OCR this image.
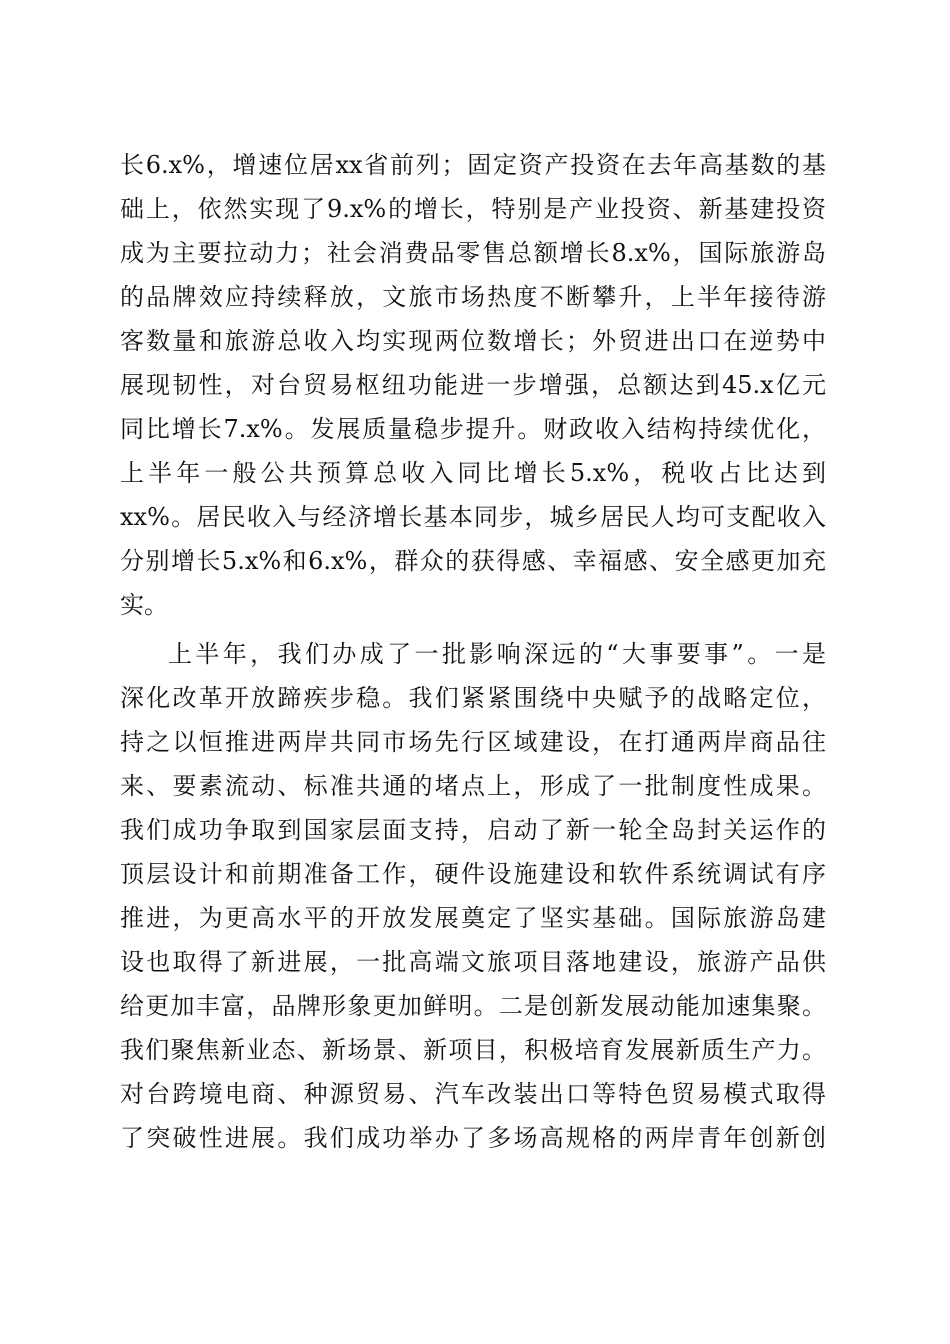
长6.x%，增速位居xx省前列；固定资产投资在去年高基数的基
础上，依然实现了9.x%的增长，特别是产业投资、新基建投资
成为主要拉动力；社会消费品零售总额增长8.x%，国际旅游岛
的品牌效应持续释放，文旅市场热度不断攀升，上半年接待游
客数量和旅游总收入均实现两位数增长；外贸进出口在逆势中
展现韧性，对台贸易枢纽功能进一步增强，总额达到45.x亿元
同比增长7.x%。发展质量稳步提升。财政收入结构持续优化，
上半年一般公共预算总收入同比增长5.x%，税收占比达到
xx%。居民收入与经济增长基本同步，城乡居民人均可支配收入
分别增长5.x%和6.x%，群众的获得感、幸福感、安全感更加充
实。
上半年，我们办成了一批影响深远的“大事要事”。一是
深化改革开放蹄疾步稳。我们紧紧围绕中央赋予的战略定位，
持之以恒推进两岸共同市场先行区域建设，在打通两岸商品往
来、要素流动、标准共通的堵点上，形成了一批制度性成果。
我们成功争取到国家层面支持，启动了新一轮全岛封关运作的
顶层设计和前期准备工作，硬件设施建设和软件系统调试有序
推进，为更高水平的开放发展奠定了坚实基础。国际旅游岛建
设也取得了新进展，一批高端文旅项目落地建设，旅游产品供
给更加丰富，品牌形象更加鲜明。二是创新发展动能加速集聚。
我们聚焦新业态、新场景、新项目，积极培育发展新质生产力。
对台跨境电商、种源贸易、汽车改装出口等特色贸易模式取得
了突破性进展。我们成功举办了多场高规格的两岸青年创新创
